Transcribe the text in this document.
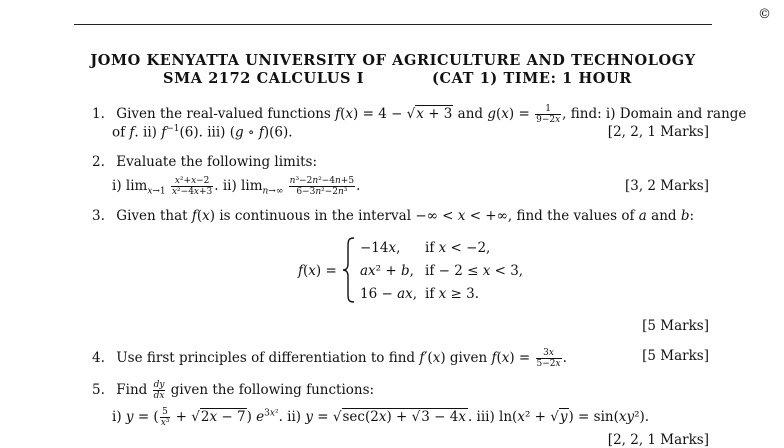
©
JOMO KENYATTA UNIVERSITY OF AGRICULTURE AND TECHNOLOGY
SMA 2172 CALCULUS I	(CAT 1) TIME: 1 HOUR
1. Given the real-valued functions f(x) = 4 − √x + 3 and $g(x) = \frac{1}{9-2x}$ , find: i) Domain and range
of f. ii) $f^{-1}(6)$. iii) (g ∘ f)(6).	[2, 2, 1 Marks]
2. Evaluate the following limits:
i) $\lim_{x\to 1} \frac{\text{x²+x−2}}{\text{x²−4x+3}}$ . ii) $\lim_{n\to\infty} \frac{\text{n³−2n²−4n+5}}{\text{6−3n²−2n³}}$ .	[3, 2 Marks]
3. Given that f(x) is continuous in the interval −∞ < x < +∞, find the values of a and b:
f(x) =
−14x, if x < −2,
ax² + b, if − 2 ≤ x < 3,
16 − ax, if x ≥ 3.
[5 Marks]
4. Use first principles of differentiation to find f′(x) given $f(x) = \frac{3x}{5-2x}$ .	[5 Marks]
5. Find $\frac{dy}{dx}$ given the following functions:
i) y = ( $\frac{5}{\text{x³}} + √2x - 7$) $e^{3x^2}$. ii) y = √sec(2x) + √3 − 4x . iii) ln(x² + √y) = sin(xy²).
[2, 2, 1 Marks]
